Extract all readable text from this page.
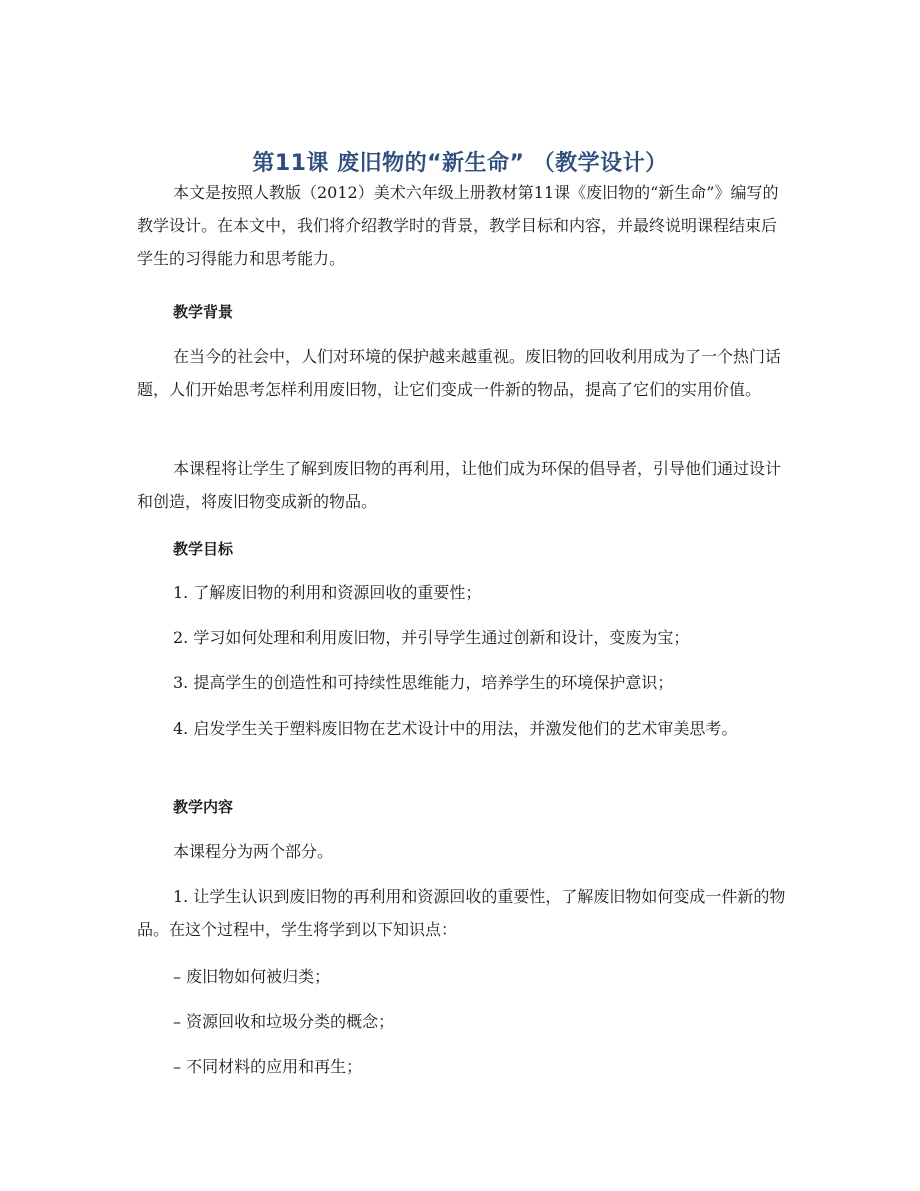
第11课 废旧物的“新生命” （教学设计）
本文是按照人教版（2012）美术六年级上册教材第11课《废旧物的“新生命”》编写的教学设计。在本文中，我们将介绍教学时的背景，教学目标和内容，并最终说明课程结束后学生的习得能力和思考能力。
教学背景
在当今的社会中，人们对环境的保护越来越重视。废旧物的回收利用成为了一个热门话题，人们开始思考怎样利用废旧物，让它们变成一件新的物品，提高了它们的实用价值。
本课程将让学生了解到废旧物的再利用，让他们成为环保的倡导者，引导他们通过设计和创造，将废旧物变成新的物品。
教学目标
1. 了解废旧物的利用和资源回收的重要性；
2. 学习如何处理和利用废旧物，并引导学生通过创新和设计，变废为宝；
3. 提高学生的创造性和可持续性思维能力，培养学生的环境保护意识；
4. 启发学生关于塑料废旧物在艺术设计中的用法，并激发他们的艺术审美思考。
教学内容
本课程分为两个部分。
1. 让学生认识到废旧物的再利用和资源回收的重要性，了解废旧物如何变成一件新的物品。在这个过程中，学生将学到以下知识点：
– 废旧物如何被归类；
– 资源回收和垃圾分类的概念；
– 不同材料的应用和再生；
